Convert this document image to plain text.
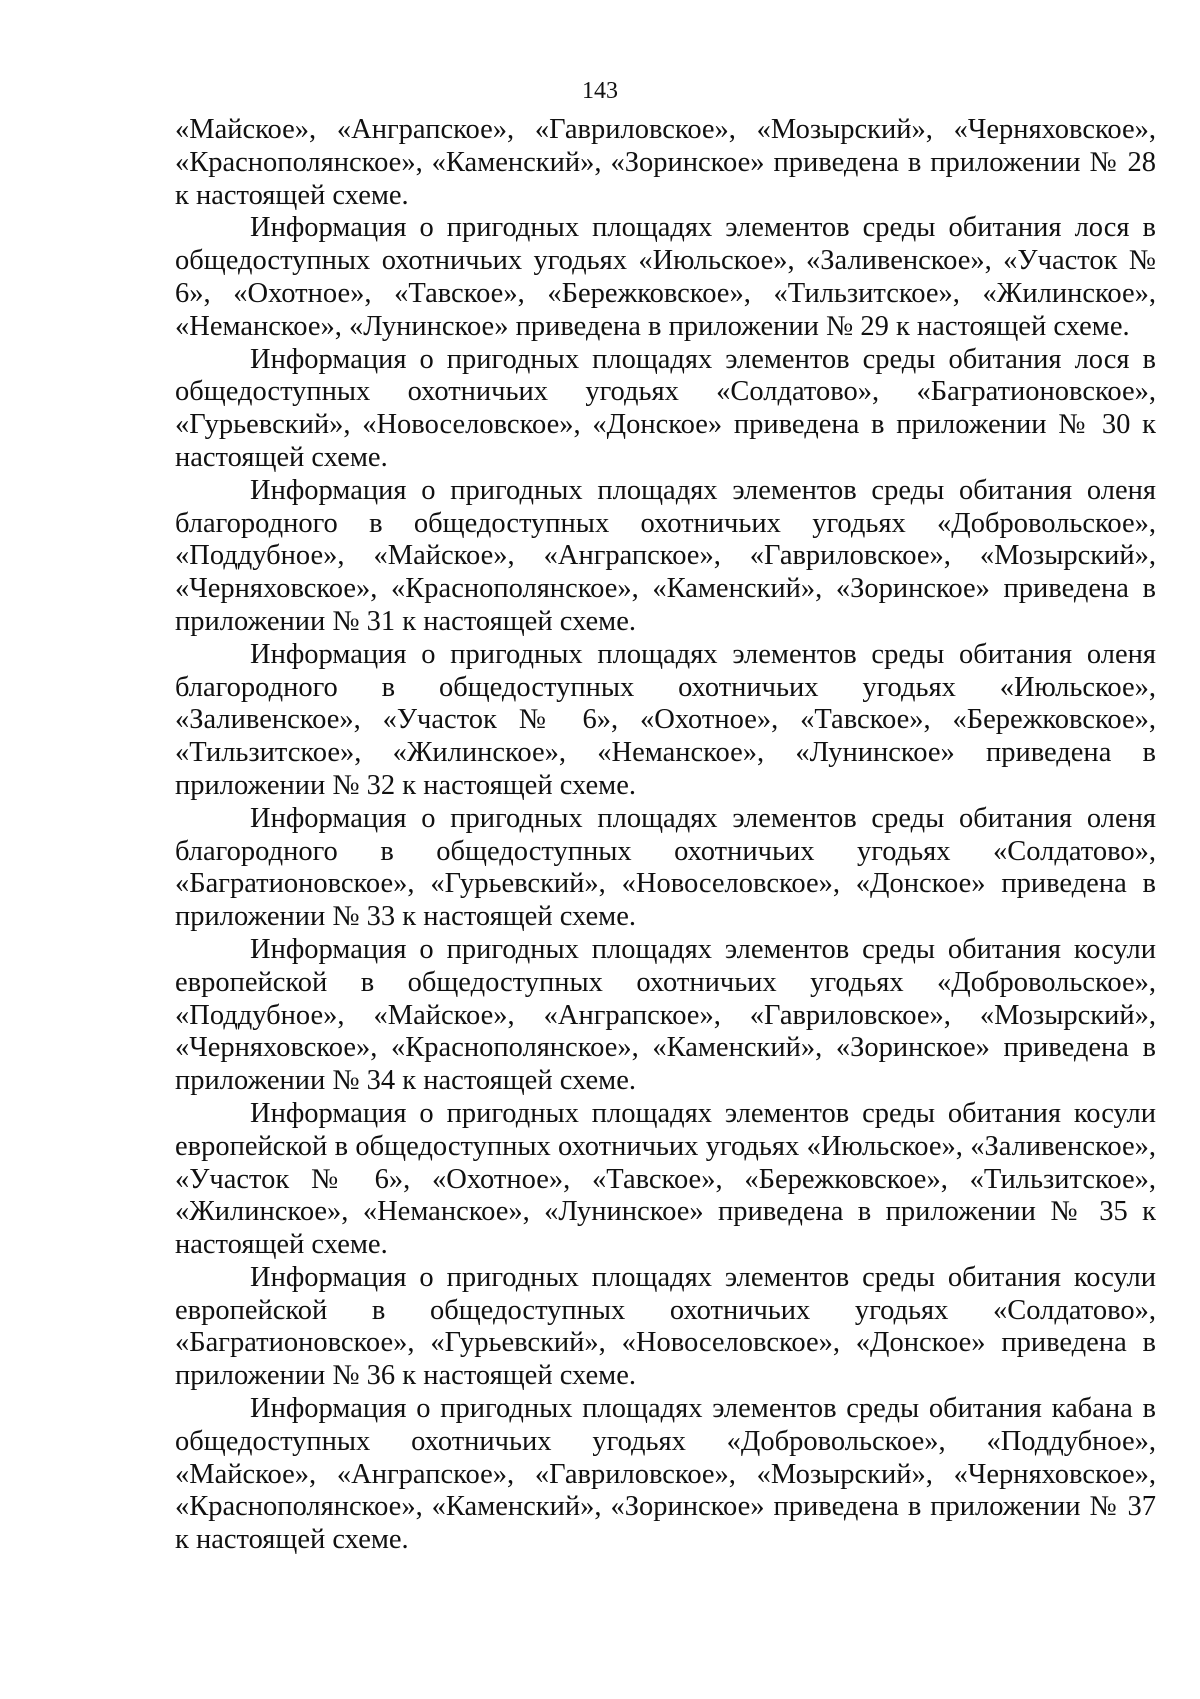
143

«Майское», «Анграпское», «Гавриловское», «Мозырский», «Черняховское», «Краснополянское», «Каменский», «Зоринское» приведена в приложении № 28 к настоящей схеме.

Информация о пригодных площадях элементов среды обитания лося в общедоступных охотничьих угодьях «Июльское», «Заливенское», «Участок № 6», «Охотное», «Тавское», «Бережковское», «Тильзитское», «Жилинское», «Неманское», «Лунинское» приведена в приложении № 29 к настоящей схеме.

Информация о пригодных площадях элементов среды обитания лося в общедоступных охотничьих угодьях «Солдатово», «Багратионовское», «Гурьевский», «Новоселовское», «Донское» приведена в приложении № 30 к настоящей схеме.

Информация о пригодных площадях элементов среды обитания оленя благородного в общедоступных охотничьих угодьях «Добровольское», «Поддубное», «Майское», «Анграпское», «Гавриловское», «Мозырский», «Черняховское», «Краснополянское», «Каменский», «Зоринское» приведена в приложении № 31 к настоящей схеме.

Информация о пригодных площадях элементов среды обитания оленя благородного в общедоступных охотничьих угодьях «Июльское», «Заливенское», «Участок № 6», «Охотное», «Тавское», «Бережковское», «Тильзитское», «Жилинское», «Неманское», «Лунинское» приведена в приложении № 32 к настоящей схеме.

Информация о пригодных площадях элементов среды обитания оленя благородного в общедоступных охотничьих угодьях «Солдатово», «Багратионовское», «Гурьевский», «Новоселовское», «Донское» приведена в приложении № 33 к настоящей схеме.

Информация о пригодных площадях элементов среды обитания косули европейской в общедоступных охотничьих угодьях «Добровольское», «Поддубное», «Майское», «Анграпское», «Гавриловское», «Мозырский», «Черняховское», «Краснополянское», «Каменский», «Зоринское» приведена в приложении № 34 к настоящей схеме.

Информация о пригодных площадях элементов среды обитания косули европейской в общедоступных охотничьих угодьях «Июльское», «Заливенское», «Участок № 6», «Охотное», «Тавское», «Бережковское», «Тильзитское», «Жилинское», «Неманское», «Лунинское» приведена в приложении № 35 к настоящей схеме.

Информация о пригодных площадях элементов среды обитания косули европейской в общедоступных охотничьих угодьях «Солдатово», «Багратионовское», «Гурьевский», «Новоселовское», «Донское» приведена в приложении № 36 к настоящей схеме.

Информация о пригодных площадях элементов среды обитания кабана в общедоступных охотничьих угодьях «Добровольское», «Поддубное», «Майское», «Анграпское», «Гавриловское», «Мозырский», «Черняховское», «Краснополянское», «Каменский», «Зоринское» приведена в приложении № 37 к настоящей схеме.
